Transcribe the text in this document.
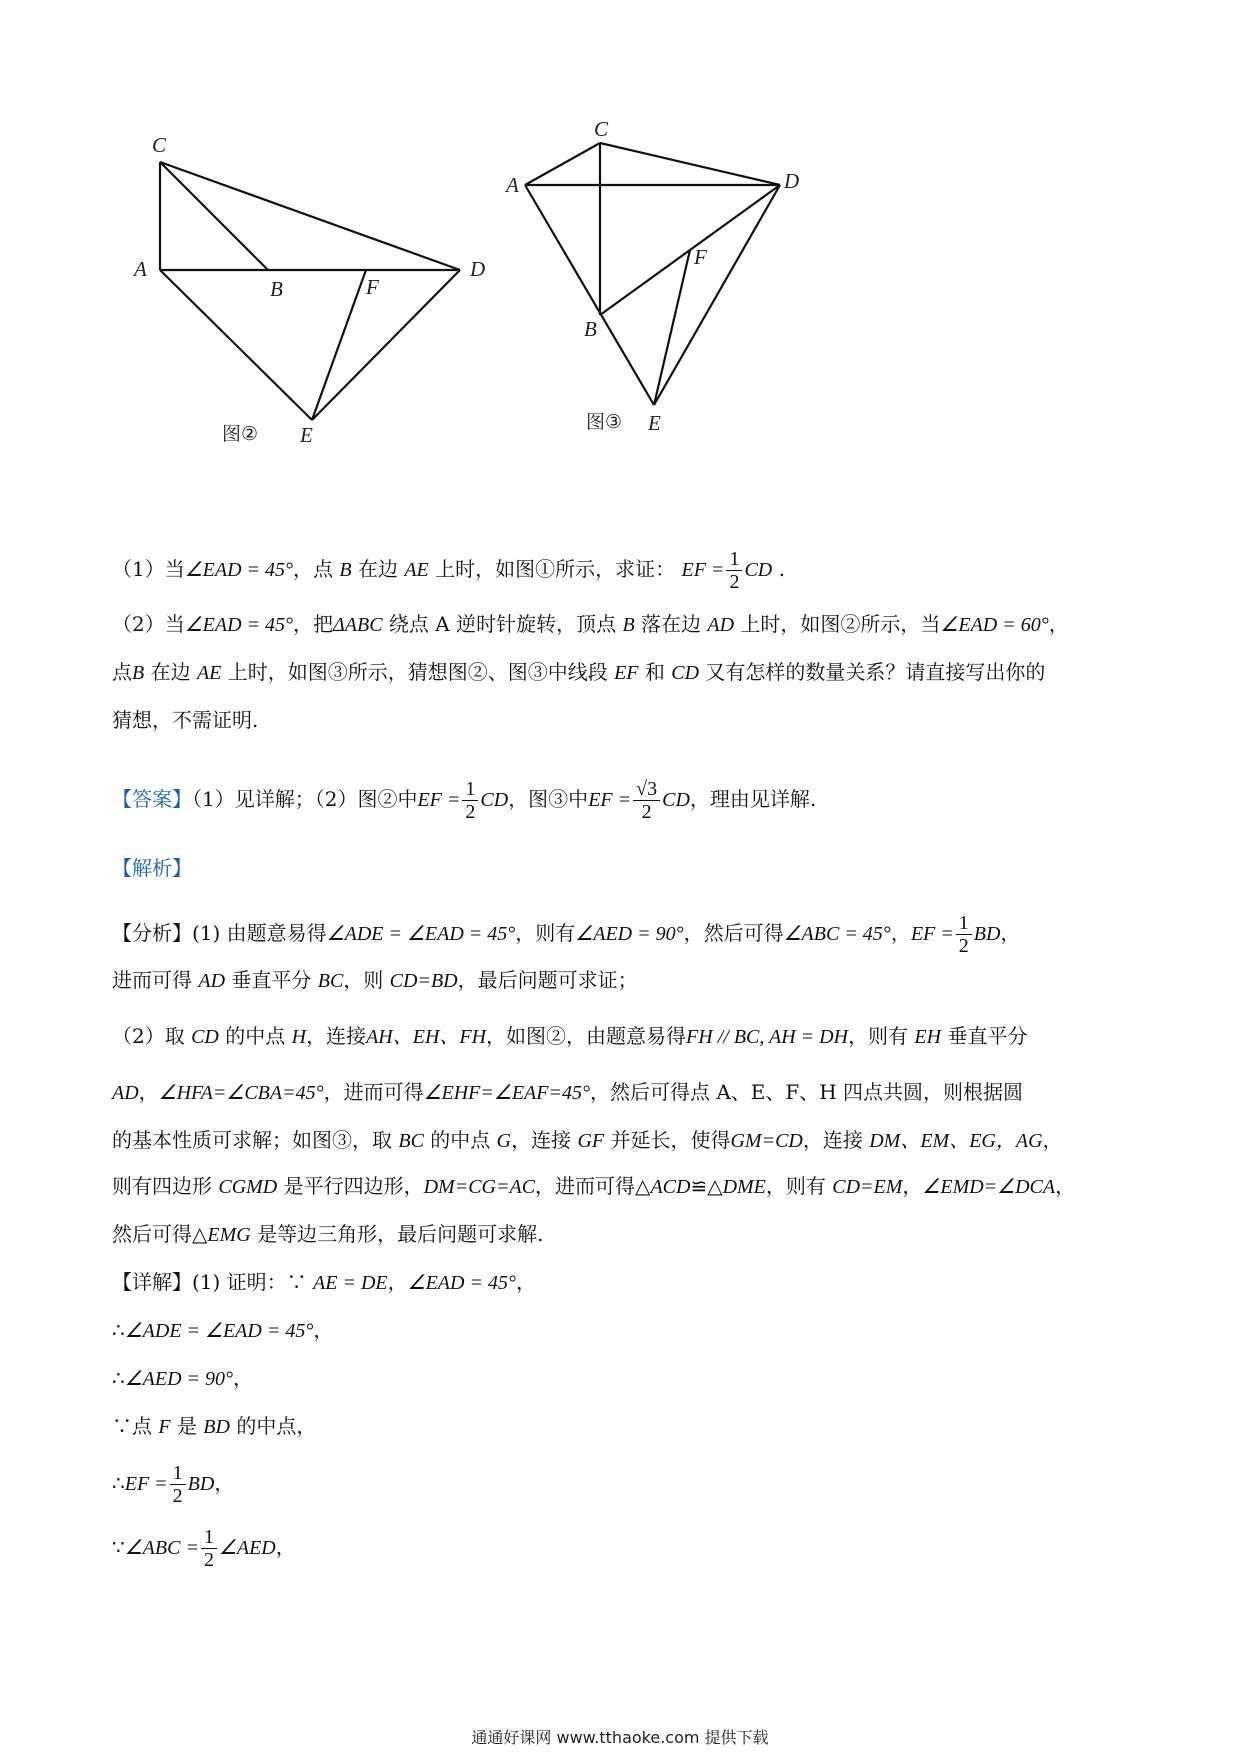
C
A
B	F
D
E
图②
C
A	D
F
B
E
图③
（1）当∠EAD = 45°，点 B 在边 AE 上时，如图①所示，求证： EF = $\frac{1}{2}$ CD .
（2）当∠EAD = 45°，把ΔABC 绕点 A 逆时针旋转，顶点 B 落在边 AD 上时，如图②所示，当∠EAD = 60°，
点B 在边 AE 上时，如图③所示，猜想图②、图③中线段 EF 和 CD 又有怎样的数量关系？请直接写出你的
猜想，不需证明.
【答案】（1）见详解；（2）图②中EF = $\frac{1}{2}$ CD，图③中EF = $\frac{√3}{2}$ CD，理由见详解.
【解析】
【分析】(1) 由题意易得∠ADE = ∠EAD = 45°，则有∠AED = 90°，然后可得∠ABC = 45°，EF = $\frac{1}{2}$ BD，
进而可得 AD 垂直平分 BC，则 CD=BD，最后问题可求证；
（2）取 CD 的中点 H，连接AH、EH、FH，如图②，由题意易得FH // BC, AH = DH，则有 EH 垂直平分
AD，∠HFA=∠CBA=45°，进而可得∠EHF=∠EAF=45°，然后可得点 A、E、F、H 四点共圆，则根据圆
的基本性质可求解；如图③，取 BC 的中点 G，连接 GF 并延长，使得GM=CD，连接 DM、EM、EG，AG，
则有四边形 CGMD 是平行四边形，DM=CG=AC，进而可得△ACD≌△DME，则有 CD=EM，∠EMD=∠DCA，
然后可得△EMG 是等边三角形，最后问题可求解.
【详解】(1) 证明：∵ AE = DE，∠EAD = 45°，
∴∠ADE = ∠EAD = 45°，
∴∠AED = 90°，
∵点 F 是 BD 的中点，
∴EF = $\frac{1}{2}$ BD，
∵∠ABC = $\frac{1}{2}$ ∠AED，
通通好课网 www.tthaoke.com 提供下载
